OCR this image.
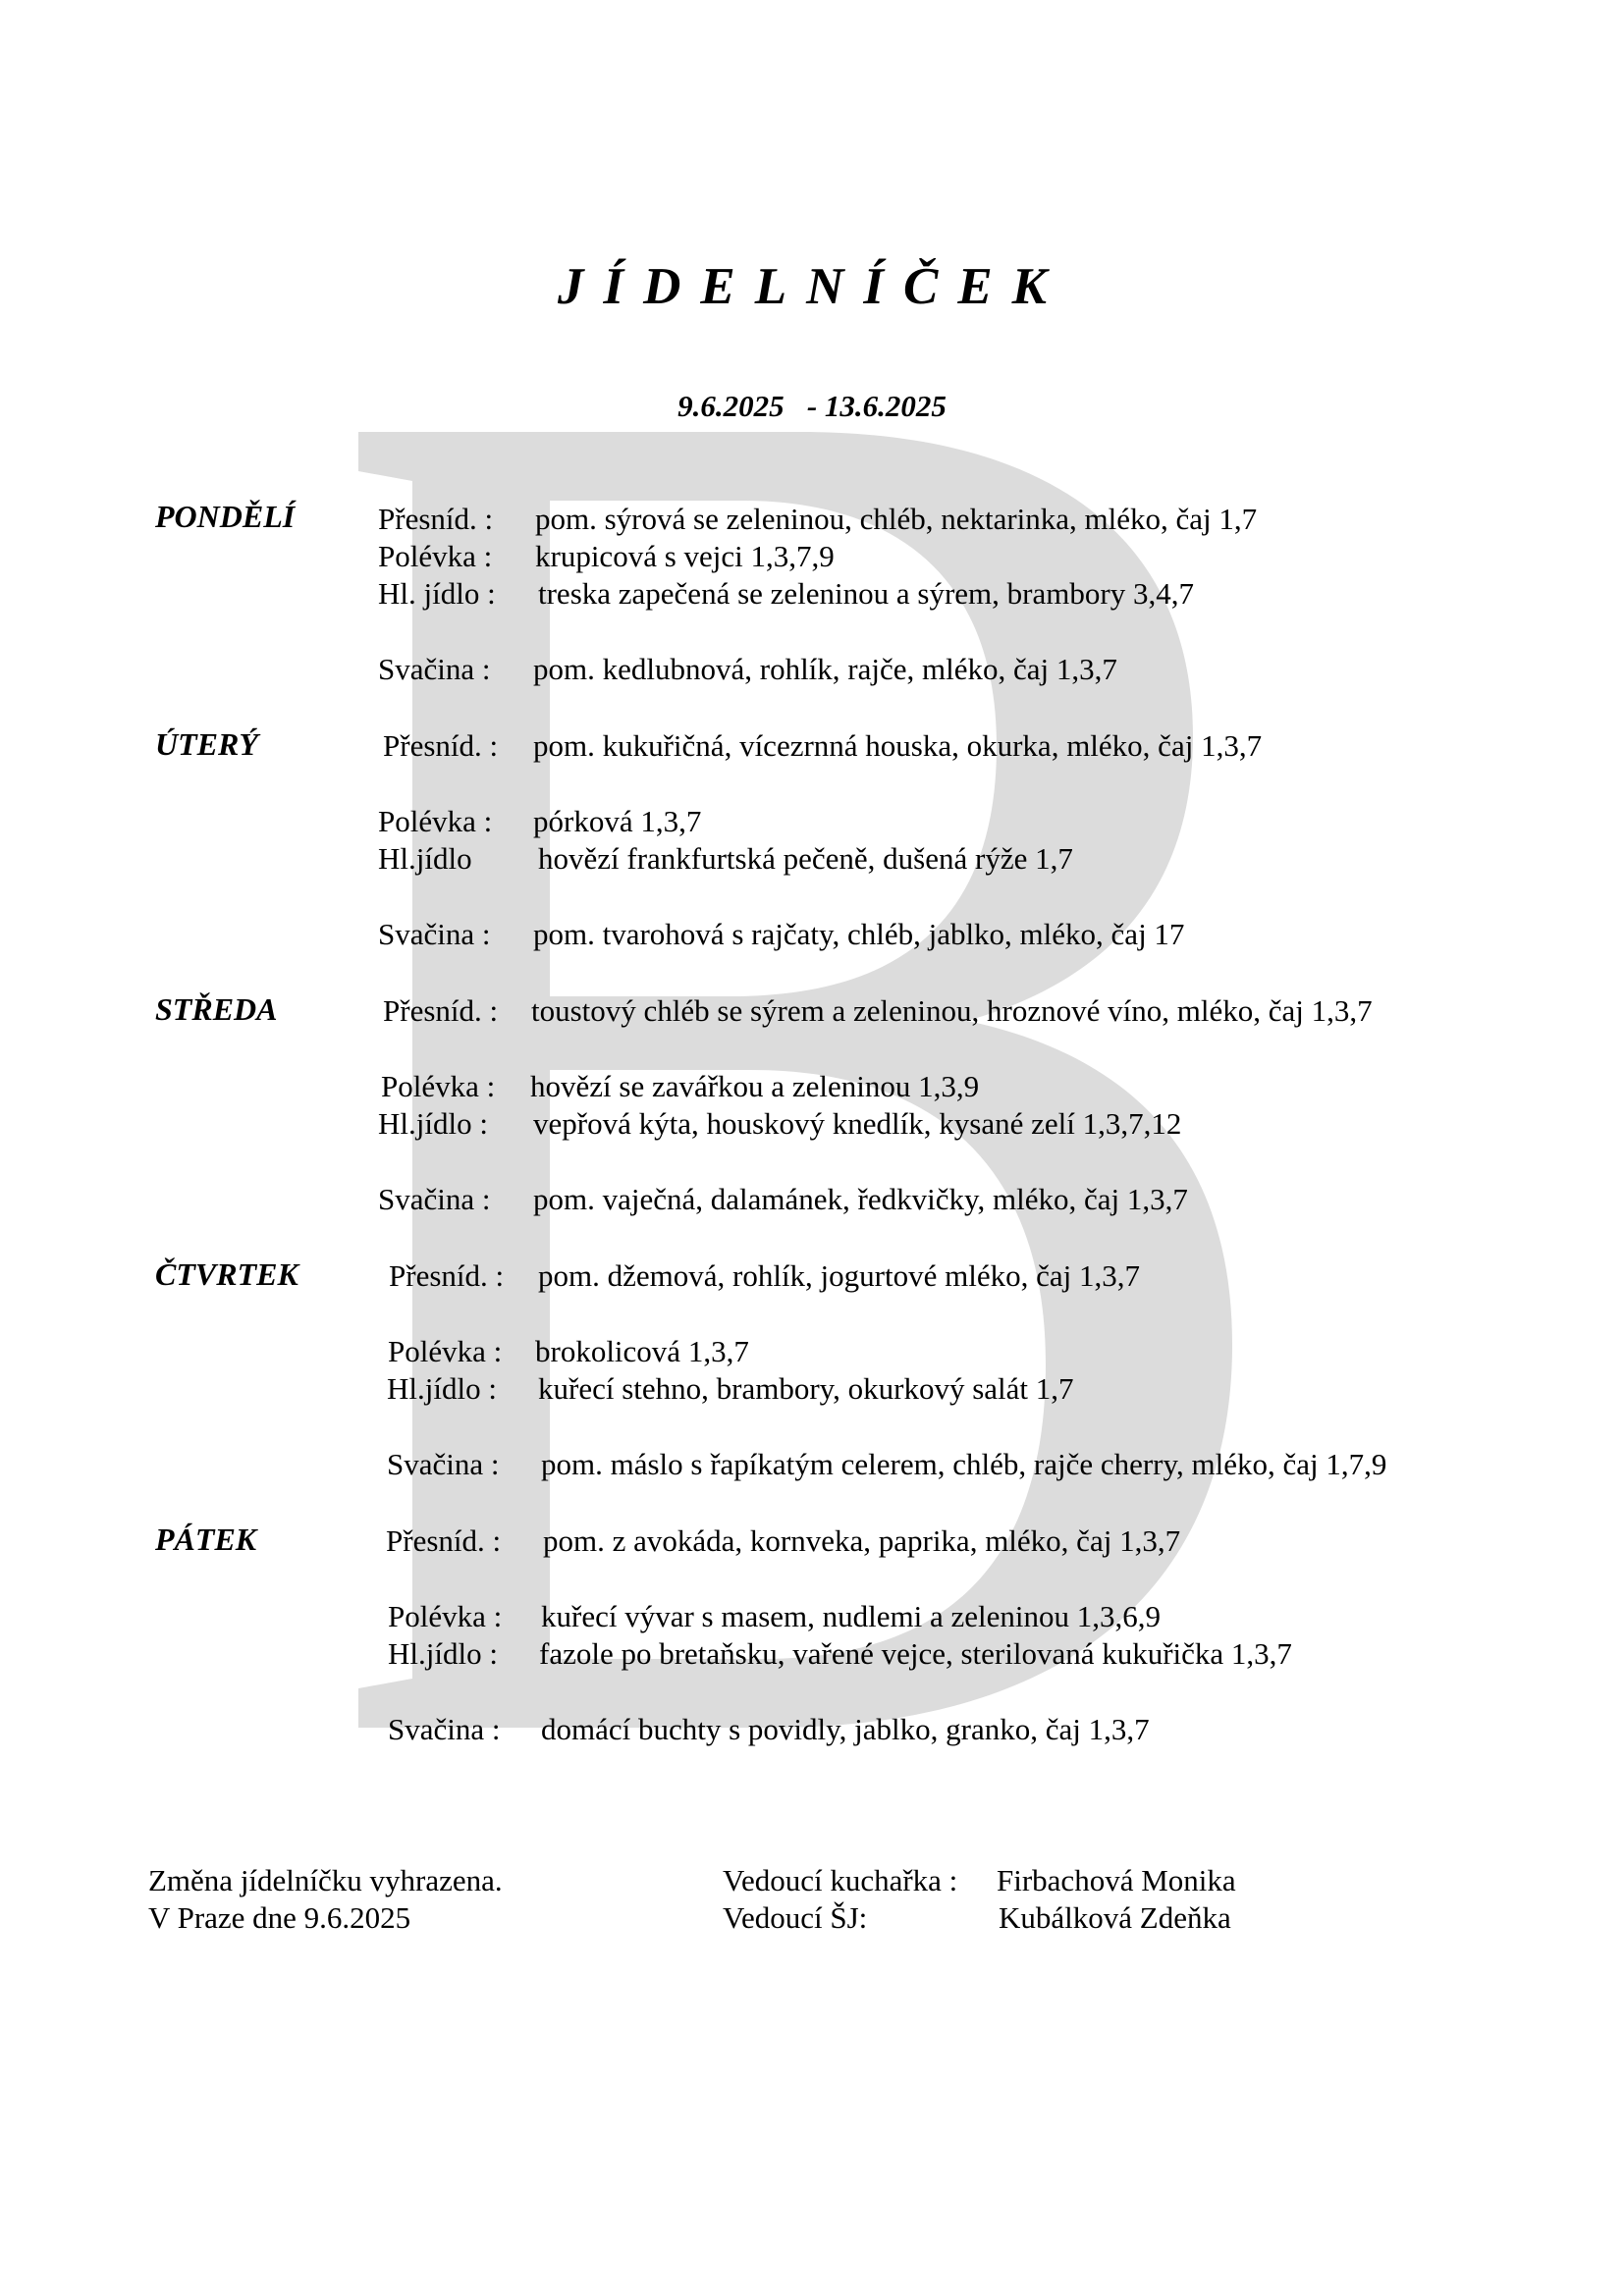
JÍDELNÍČEK
9.6.2025   - 13.6.2025
PONDĚLÍ	Přesníd. : pom. sýrová se zeleninou, chléb, nektarinka, mléko, čaj 1,7
Polévka : krupicová s vejci 1,3,7,9
Hl. jídlo : treska zapečená se zeleninou a sýrem, brambory 3,4,7
Svačina : pom. kedlubnová, rohlík, rajče, mléko, čaj 1,3,7
ÚTERÝ	Přesníd. : pom. kukuřičná, vícezrnná houska, okurka, mléko, čaj 1,3,7
Polévka : pórková 1,3,7
Hl.jídlo hovězí frankfurtská pečeně, dušená rýže 1,7
Svačina : pom. tvarohová s rajčaty, chléb, jablko, mléko, čaj 17
STŘEDA	Přesníd. : toustový chléb se sýrem a zeleninou, hroznové víno, mléko, čaj 1,3,7
Polévka : hovězí se zavářkou a zeleninou 1,3,9
Hl.jídlo : vepřová kýta, houskový knedlík, kysané zelí 1,3,7,12
Svačina : pom. vaječná, dalamánek, ředkvičky, mléko, čaj 1,3,7
ČTVRTEK	Přesníd. : pom. džemová, rohlík, jogurtové mléko, čaj 1,3,7
Polévka : brokolicová 1,3,7
Hl.jídlo : kuřecí stehno, brambory, okurkový salát 1,7
Svačina : pom. máslo s řapíkatým celerem, chléb, rajče cherry, mléko, čaj 1,7,9
PÁTEK	Přesníd. : pom. z avokáda, kornveka, paprika, mléko, čaj 1,3,7
Polévka : kuřecí vývar s masem, nudlemi a zeleninou 1,3,6,9
Hl.jídlo : fazole po bretaňsku, vařené vejce, sterilovaná kukuřička 1,3,7
Svačina : domácí buchty s povidly, jablko, granko, čaj 1,3,7
Změna jídelníčku vyhrazena.
V Praze dne 9.6.2025
Vedoucí kuchařka : Firbachová Monika
Vedoucí ŠJ:	Kubálková Zdeňka
